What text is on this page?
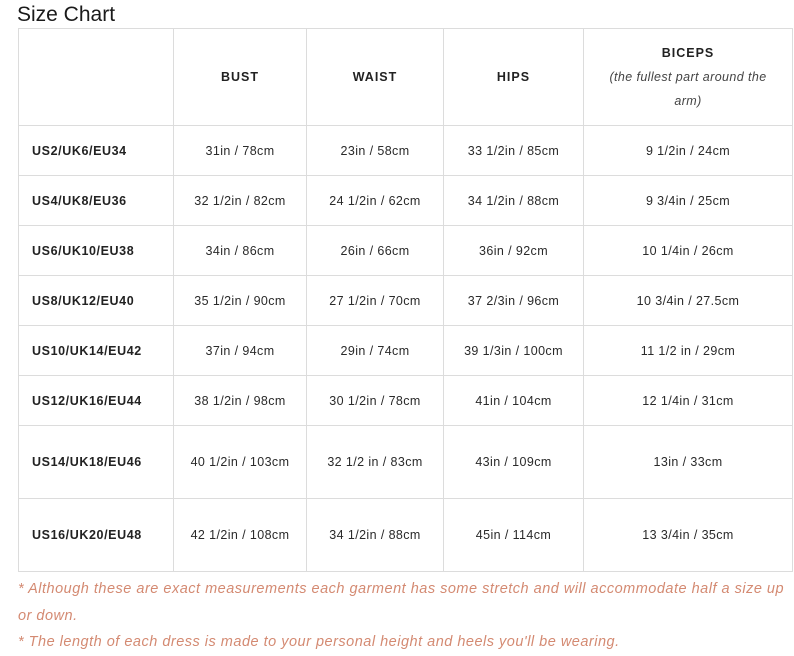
Size Chart

	BUST	WAIST	HIPS	BICEPS
(the fullest part around the arm)

US2/UK6/EU34	31in / 78cm	23in / 58cm	33 1/2in / 85cm	9 1/2in / 24cm
US4/UK8/EU36	32 1/2in / 82cm	24 1/2in / 62cm	34 1/2in / 88cm	9 3/4in / 25cm
US6/UK10/EU38	34in / 86cm	26in / 66cm	36in / 92cm	10 1/4in / 26cm
US8/UK12/EU40	35 1/2in / 90cm	27 1/2in / 70cm	37 2/3in / 96cm	10 3/4in / 27.5cm
US10/UK14/EU42	37in / 94cm	29in / 74cm	39 1/3in / 100cm	11 1/2 in / 29cm
US12/UK16/EU44	38 1/2in / 98cm	30 1/2in / 78cm	41in / 104cm	12 1/4in / 31cm
US14/UK18/EU46	40 1/2in / 103cm	32 1/2 in / 83cm	43in / 109cm	13in / 33cm
US16/UK20/EU48	42 1/2in / 108cm	34 1/2in / 88cm	45in / 114cm	13 3/4in / 35cm

* Although these are exact measurements each garment has some stretch and will accommodate half a size up or down.

* The length of each dress is made to your personal height and heels you'll be wearing.
